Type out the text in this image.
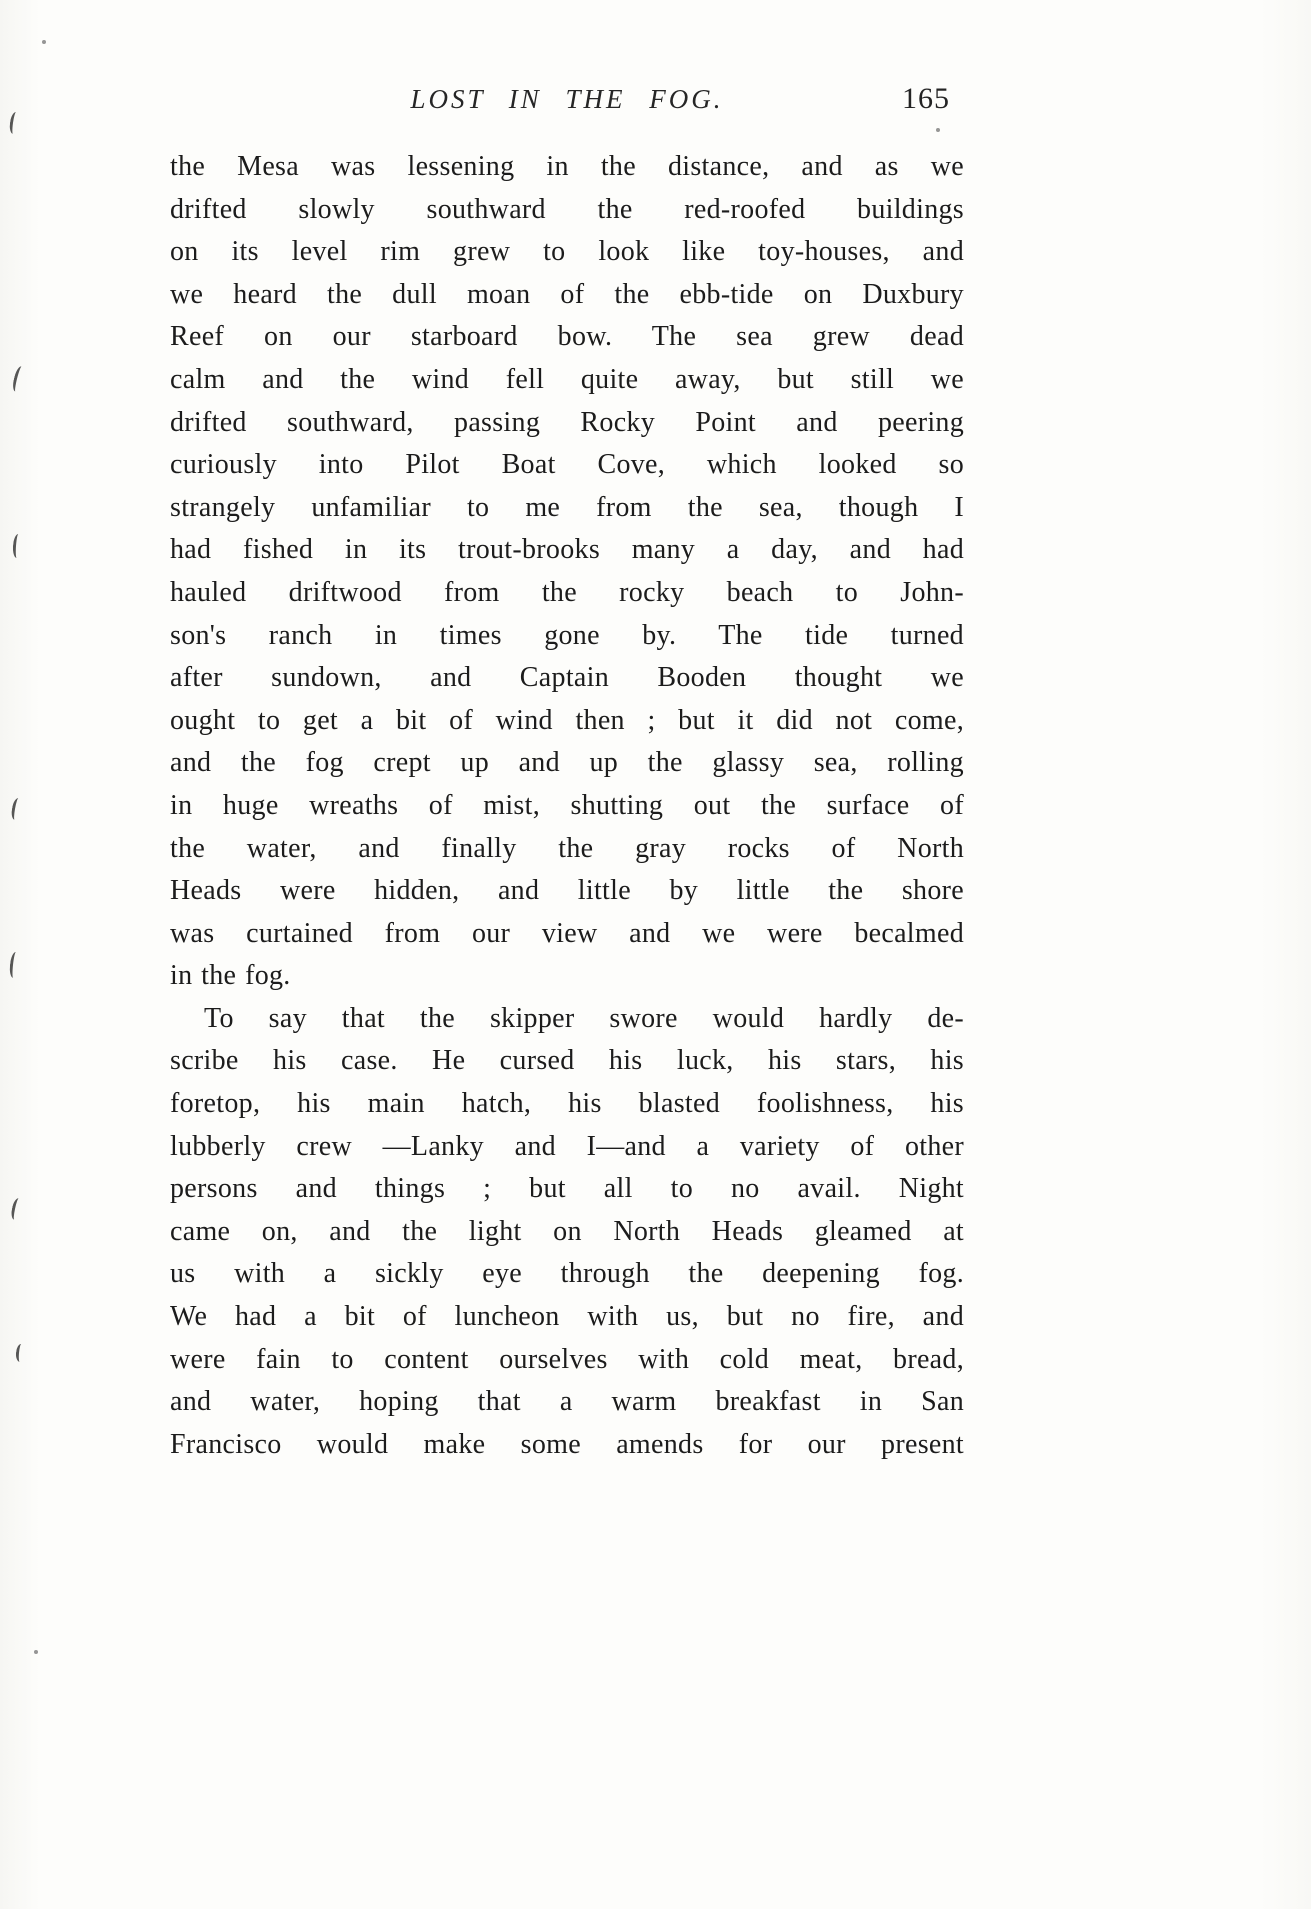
LOST IN THE FOG.	165
the Mesa was lessening in the distance, and as we
drifted slowly southward the red-roofed buildings
on its level rim grew to look like toy-houses, and
we heard the dull moan of the ebb-tide on Duxbury
Reef on our starboard bow. The sea grew dead
calm and the wind fell quite away, but still we
drifted southward, passing Rocky Point and peering
curiously into Pilot Boat Cove, which looked so
strangely unfamiliar to me from the sea, though I
had fished in its trout-brooks many a day, and had
hauled driftwood from the rocky beach to John-
son's ranch in times gone by. The tide turned
after sundown, and Captain Booden thought we
ought to get a bit of wind then ; but it did not come,
and the fog crept up and up the glassy sea, rolling
in huge wreaths of mist, shutting out the surface of
the water, and finally the gray rocks of North
Heads were hidden, and little by little the shore
was curtained from our view and we were becalmed
in the fog.
To say that the skipper swore would hardly de-
scribe his case. He cursed his luck, his stars, his
foretop, his main hatch, his blasted foolishness, his
lubberly crew —Lanky and I—and a variety of other
persons and things ; but all to no avail. Night
came on, and the light on North Heads gleamed at
us with a sickly eye through the deepening fog.
We had a bit of luncheon with us, but no fire, and
were fain to content ourselves with cold meat, bread,
and water, hoping that a warm breakfast in San
Francisco would make some amends for our present
